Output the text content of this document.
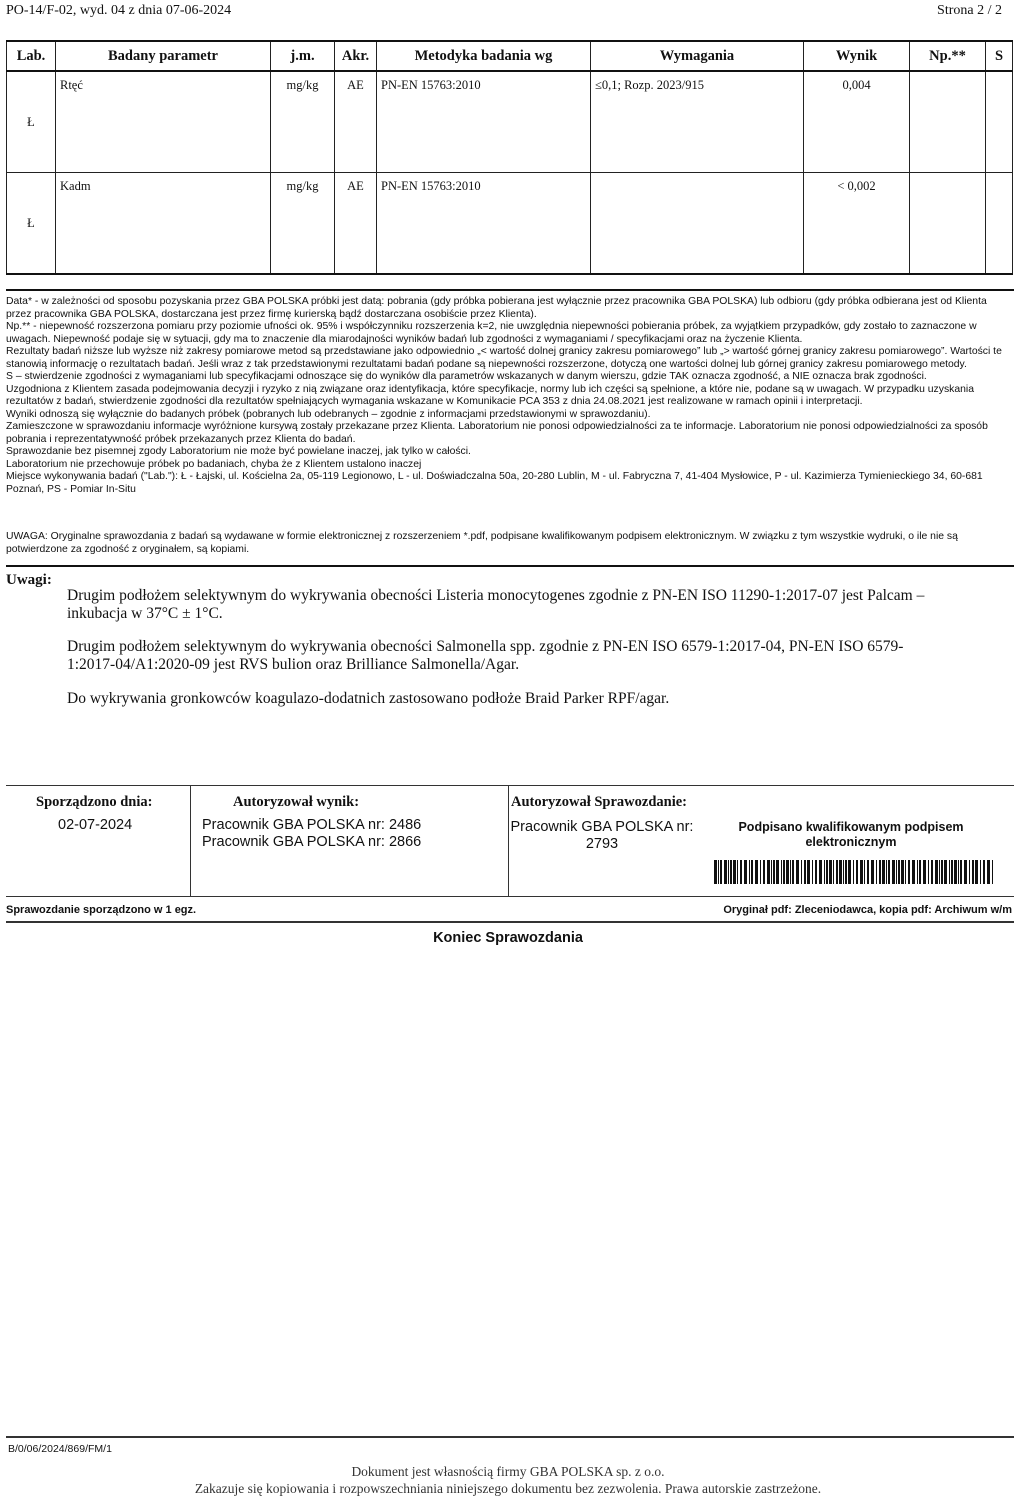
PO-14/F-02, wyd. 04 z dnia 07-06-2024	Strona 2 / 2
Lab.	Badany parametr	j.m.	Akr.	Metodyka badania wg	Wymagania	Wynik	Np.**	S
Ł	Rtęć	mg/kg	AE	PN-EN 15763:2010	≤0,1; Rozp. 2023/915	0,004		
Ł	Kadm	mg/kg	AE	PN-EN 15763:2010		< 0,002		

Data* - w zależności od sposobu pozyskania przez GBA POLSKA próbki jest datą: pobrania (gdy próbka pobierana jest wyłącznie przez pracownika GBA POLSKA) lub odbioru (gdy próbka odbierana jest od Klienta przez pracownika GBA POLSKA, dostarczana jest przez firmę kurierską bądź dostarczana osobiście przez Klienta).

Np.** - niepewność rozszerzona pomiaru przy poziomie ufności ok. 95% i współczynniku rozszerzenia k=2, nie uwzględnia niepewności pobierania próbek, za wyjątkiem przypadków, gdy zostało to zaznaczone w uwagach. Niepewność podaje się w sytuacji, gdy ma to znaczenie dla miarodajności wyników badań lub zgodności z wymaganiami / specyfikacjami oraz na życzenie Klienta.

Rezultaty badań niższe lub wyższe niż zakresy pomiarowe metod są przedstawiane jako odpowiednio „< wartość dolnej granicy zakresu pomiarowego” lub „> wartość górnej granicy zakresu pomiarowego”. Wartości te stanowią informację o rezultatach badań. Jeśli wraz z tak przedstawionymi rezultatami badań podane są niepewności rozszerzone, dotyczą one wartości dolnej lub górnej granicy zakresu pomiarowego metody.

S – stwierdzenie zgodności z wymaganiami lub specyfikacjami odnoszące się do wyników dla parametrów wskazanych w danym wierszu, gdzie TAK oznacza zgodność, a NIE oznacza brak zgodności.

Uzgodniona z Klientem zasada podejmowania decyzji i ryzyko z nią związane oraz identyfikacja, które specyfikacje, normy lub ich części są spełnione, a które nie, podane są w uwagach. W przypadku uzyskania rezultatów z badań, stwierdzenie zgodności dla rezultatów spełniających wymagania wskazane w Komunikacie PCA 353 z dnia 24.08.2021 jest realizowane w ramach opinii i interpretacji.

Wyniki odnoszą się wyłącznie do badanych próbek (pobranych lub odebranych – zgodnie z informacjami przedstawionymi w sprawozdaniu).

Zamieszczone w sprawozdaniu informacje wyróżnione kursywą zostały przekazane przez Klienta. Laboratorium nie ponosi odpowiedzialności za te informacje. Laboratorium nie ponosi odpowiedzialności za sposób pobrania i reprezentatywność próbek przekazanych przez Klienta do badań.

Sprawozdanie bez pisemnej zgody Laboratorium nie może być powielane inaczej, jak tylko w całości.

Laboratorium nie przechowuje próbek po badaniach, chyba że z Klientem ustalono inaczej

Miejsce wykonywania badań ("Lab."): Ł - Łajski, ul. Kościelna 2a, 05-119 Legionowo, L - ul. Doświadczalna 50a, 20-280 Lublin, M - ul. Fabryczna 7, 41-404 Mysłowice, P - ul. Kazimierza Tymienieckiego 34, 60-681 Poznań, PS - Pomiar In-Situ

UWAGA: Oryginalne sprawozdania z badań są wydawane w formie elektronicznej z rozszerzeniem *.pdf, podpisane kwalifikowanym podpisem elektronicznym. W związku z tym wszystkie wydruki, o ile nie są potwierdzone za zgodność z oryginałem, są kopiami.
Uwagi:
Drugim podłożem selektywnym do wykrywania obecności Listeria monocytogenes zgodnie z PN-EN ISO 11290-1:2017-07 jest Palcam – inkubacja w 37°C ± 1°C.
Drugim podłożem selektywnym do wykrywania obecności Salmonella spp. zgodnie z PN-EN ISO 6579-1:2017-04, PN-EN ISO 6579-1:2017-04/A1:2020-09 jest RVS bulion oraz Brilliance Salmonella/Agar.
Do wykrywania gronkowców koagulazo-dodatnich zastosowano podłoże Braid Parker RPF/agar.
Sporządzono dnia:
02-07-2024
Autoryzował wynik:
Pracownik GBA POLSKA nr: 2486
Pracownik GBA POLSKA nr: 2866
Autoryzował Sprawozdanie:
Pracownik GBA POLSKA nr: 2793
Podpisano kwalifikowanym podpisem elektronicznym
Sprawozdanie sporządzono w 1 egz.	Oryginał pdf: Zleceniodawca, kopia pdf: Archiwum w/m
Koniec Sprawozdania
B/0/06/2024/869/FM/1
Dokument jest własnością firmy GBA POLSKA sp. z o.o.
Zakazuje się kopiowania i rozpowszechniania niniejszego dokumentu bez zezwolenia. Prawa autorskie zastrzeżone.
